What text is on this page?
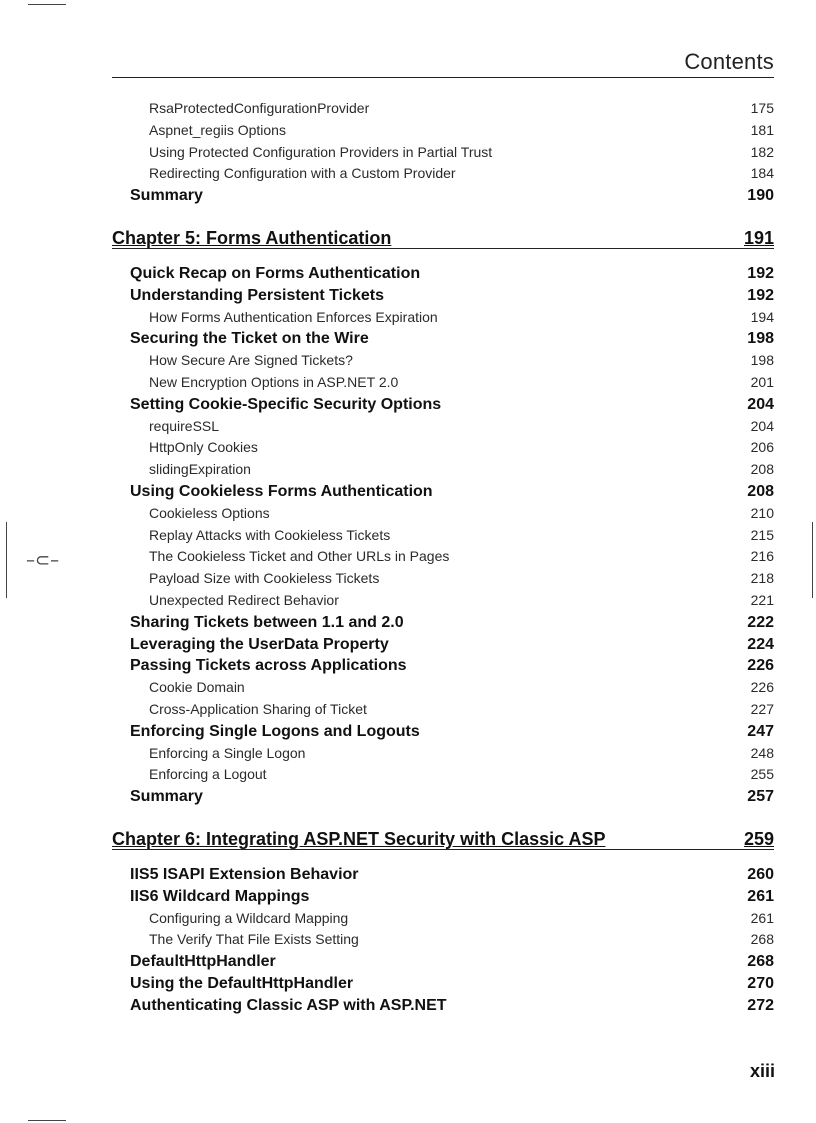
–⊂–
Contents
RsaProtectedConfigurationProvider	175
Aspnet_regiis Options	181
Using Protected Configuration Providers in Partial Trust	182
Redirecting Configuration with a Custom Provider	184
Summary	190
Chapter 5: Forms Authentication	191
Quick Recap on Forms Authentication	192
Understanding Persistent Tickets	192
How Forms Authentication Enforces Expiration	194
Securing the Ticket on the Wire	198
How Secure Are Signed Tickets?	198
New Encryption Options in ASP.NET 2.0	201
Setting Cookie-Specific Security Options	204
requireSSL	204
HttpOnly Cookies	206
slidingExpiration	208
Using Cookieless Forms Authentication	208
Cookieless Options	210
Replay Attacks with Cookieless Tickets	215
The Cookieless Ticket and Other URLs in Pages	216
Payload Size with Cookieless Tickets	218
Unexpected Redirect Behavior	221
Sharing Tickets between 1.1 and 2.0	222
Leveraging the UserData Property	224
Passing Tickets across Applications	226
Cookie Domain	226
Cross-Application Sharing of Ticket	227
Enforcing Single Logons and Logouts	247
Enforcing a Single Logon	248
Enforcing a Logout	255
Summary	257
Chapter 6: Integrating ASP.NET Security with Classic ASP	259
IIS5 ISAPI Extension Behavior	260
IIS6 Wildcard Mappings	261
Configuring a Wildcard Mapping	261
The Verify That File Exists Setting	268
DefaultHttpHandler	268
Using the DefaultHttpHandler	270
Authenticating Classic ASP with ASP.NET	272
xiii
